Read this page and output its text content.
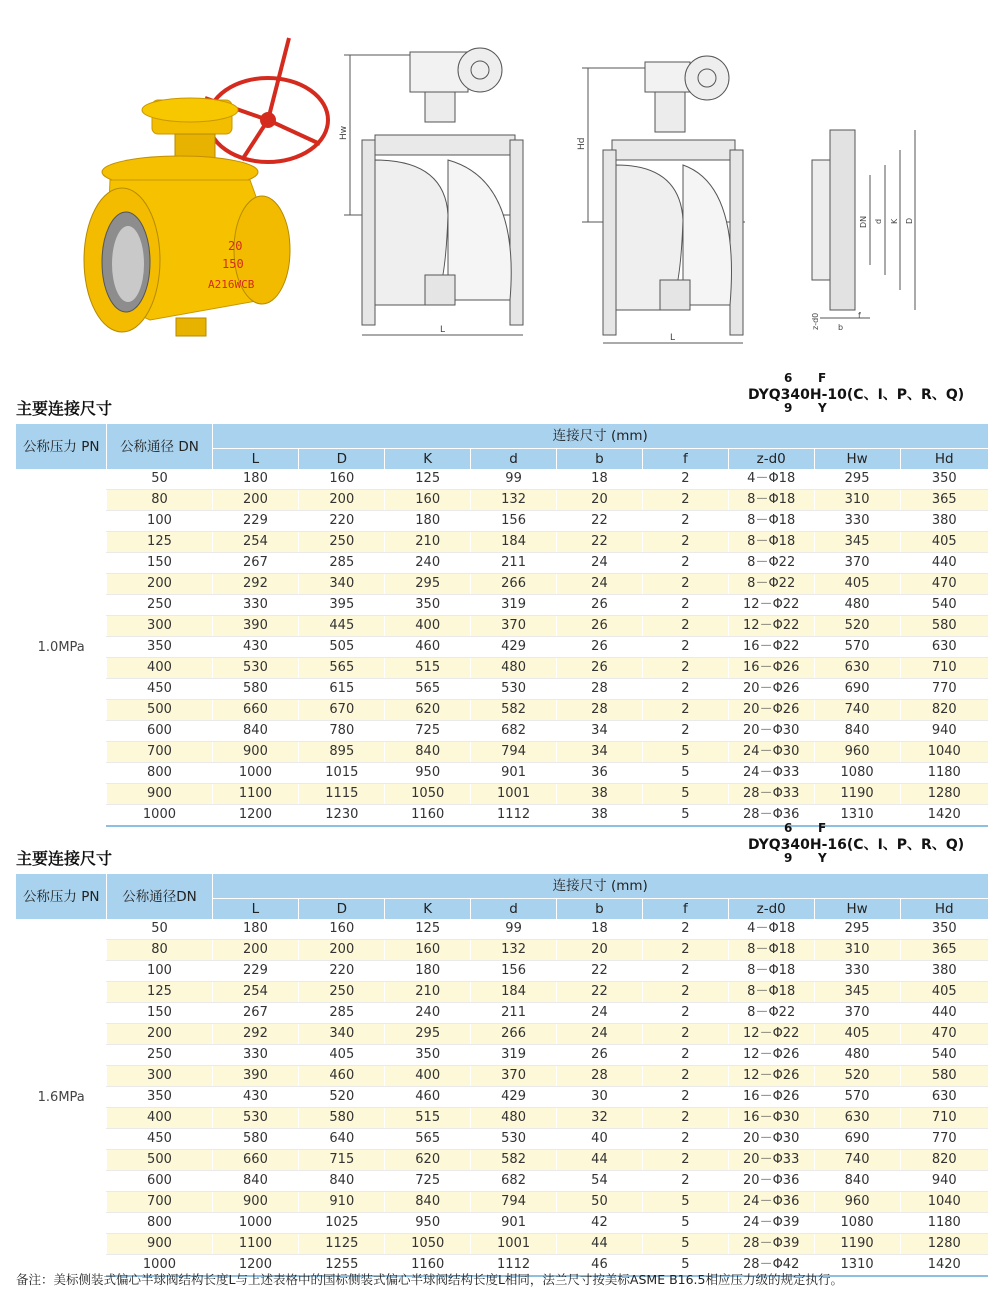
20
150
A216WCB
Hw
L
Hd
L
DN d K D
z-d0 b
f
主要连接尺寸
6
9
F
Y
DYQ340H-10(C、I、P、R、Q)
公称压力 PN	公称通径 DN	连接尺寸 (mm)								
		L	D	K	d	b	f	z-d0	Hw	Hd
1.0MPa	50	180	160	125	99	18	2	4－Φ18	295	350
	80	200	200	160	132	20	2	8－Φ18	310	365
	100	229	220	180	156	22	2	8－Φ18	330	380
	125	254	250	210	184	22	2	8－Φ18	345	405
	150	267	285	240	211	24	2	8－Φ22	370	440
	200	292	340	295	266	24	2	8－Φ22	405	470
	250	330	395	350	319	26	2	12－Φ22	480	540
	300	390	445	400	370	26	2	12－Φ22	520	580
	350	430	505	460	429	26	2	16－Φ22	570	630
	400	530	565	515	480	26	2	16－Φ26	630	710
	450	580	615	565	530	28	2	20－Φ26	690	770
	500	660	670	620	582	28	2	20－Φ26	740	820
	600	840	780	725	682	34	2	20－Φ30	840	940
	700	900	895	840	794	34	5	24－Φ30	960	1040
	800	1000	1015	950	901	36	5	24－Φ33	1080	1180
	900	1100	1115	1050	1001	38	5	28－Φ33	1190	1280
	1000	1200	1230	1160	1112	38	5	28－Φ36	1310	1420
主要连接尺寸
6
9
F
Y
DYQ340H-16(C、I、P、R、Q)
公称压力 PN	公称通径DN	连接尺寸 (mm)								
		L	D	K	d	b	f	z-d0	Hw	Hd
1.6MPa	50	180	160	125	99	18	2	4－Φ18	295	350
	80	200	200	160	132	20	2	8－Φ18	310	365
	100	229	220	180	156	22	2	8－Φ18	330	380
	125	254	250	210	184	22	2	8－Φ18	345	405
	150	267	285	240	211	24	2	8－Φ22	370	440
	200	292	340	295	266	24	2	12－Φ22	405	470
	250	330	405	350	319	26	2	12－Φ26	480	540
	300	390	460	400	370	28	2	12－Φ26	520	580
	350	430	520	460	429	30	2	16－Φ26	570	630
	400	530	580	515	480	32	2	16－Φ30	630	710
	450	580	640	565	530	40	2	20－Φ30	690	770
	500	660	715	620	582	44	2	20－Φ33	740	820
	600	840	840	725	682	54	2	20－Φ36	840	940
	700	900	910	840	794	50	5	24－Φ36	960	1040
	800	1000	1025	950	901	42	5	24－Φ39	1080	1180
	900	1100	1125	1050	1001	44	5	28－Φ39	1190	1280
	1000	1200	1255	1160	1112	46	5	28－Φ42	1310	1420
备注：美标侧装式偏心半球阀结构长度L与上述表格中的国标侧装式偏心半球阀结构长度L相同，法兰尺寸按美标ASME B16.5相应压力级的规定执行。
